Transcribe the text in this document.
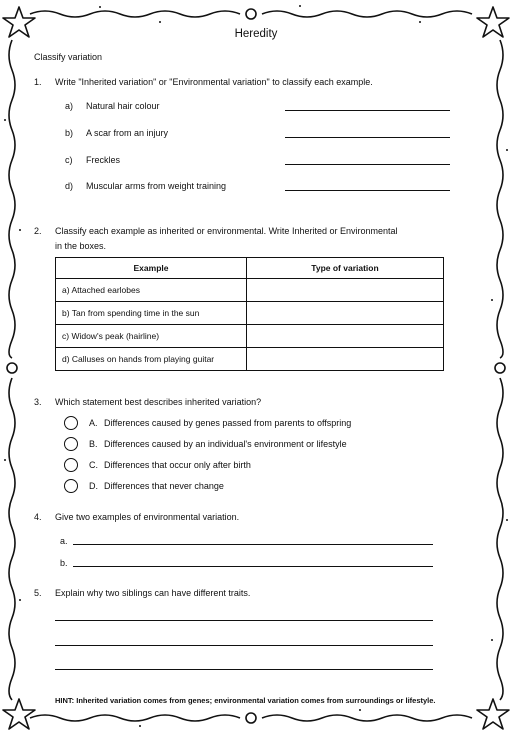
Heredity
Classify variation
1. Write "Inherited variation" or "Environmental variation" to classify each example.
a) Natural hair colour
b) A scar from an injury
c) Freckles
d) Muscular arms from weight training
2. Classify each example as inherited or environmental. Write Inherited or Environmental
in the boxes.
Example	Type of variation
a) Attached earlobes	
b) Tan from spending time in the sun	
c) Widow's peak (hairline)	
d) Calluses on hands from playing guitar	
3. Which statement best describes inherited variation?
A. Differences caused by genes passed from parents to offspring
B. Differences caused by an individual's environment or lifestyle
C. Differences that occur only after birth
D. Differences that never change
4. Give two examples of environmental variation.
a.
b.
5. Explain why two siblings can have different traits.
HINT: Inherited variation comes from genes; environmental variation comes from surroundings or lifestyle.
